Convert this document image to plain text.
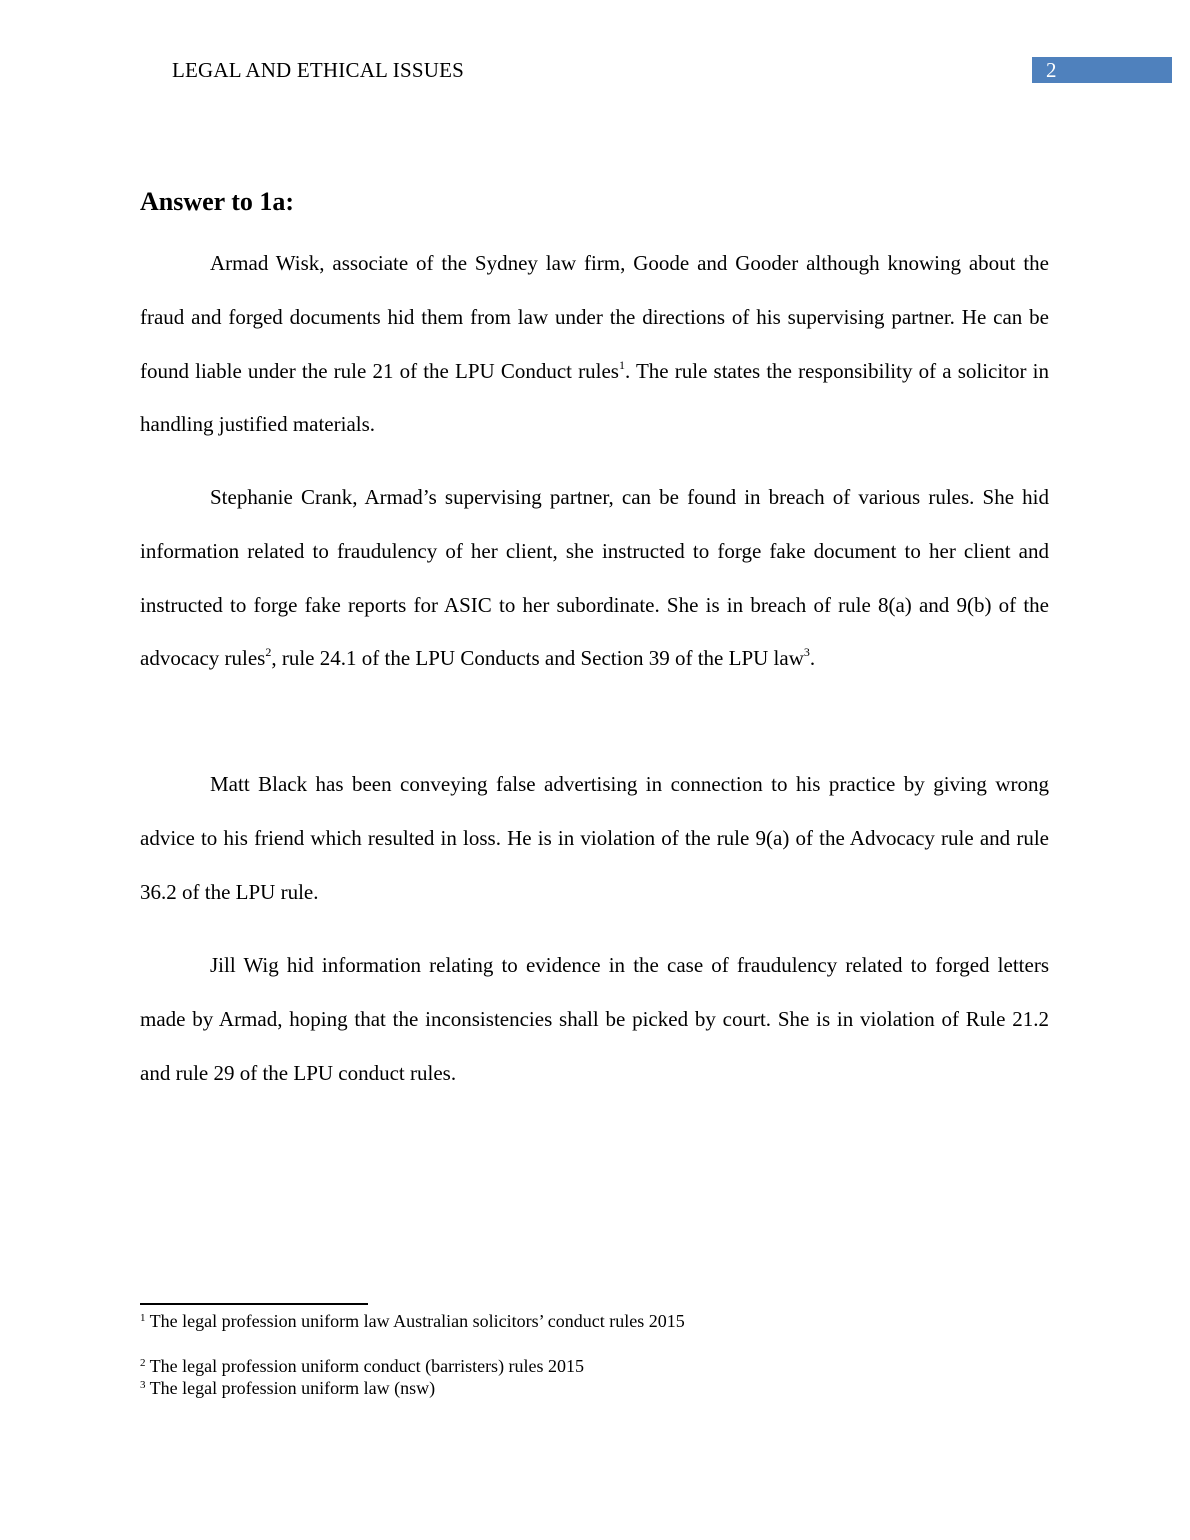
LEGAL AND ETHICAL ISSUES	2
Answer to 1a:

Armad Wisk, associate of the Sydney law firm, Goode and Gooder although knowing about the fraud and forged documents hid them from law under the directions of his supervising partner. He can be found liable under the rule 21 of the LPU Conduct rules$^1$. The rule states the responsibility of a solicitor in handling justified materials.

Stephanie Crank, Armad’s supervising partner, can be found in breach of various rules. She hid information related to fraudulency of her client, she instructed to forge fake document to her client and instructed to forge fake reports for ASIC to her subordinate. She is in breach of rule 8(a) and 9(b) of the advocacy rules$^2$, rule 24.1 of the LPU Conducts and Section 39 of the LPU law$^3$.

Matt Black has been conveying false advertising in connection to his practice by giving wrong advice to his friend which resulted in loss. He is in violation of the rule 9(a) of the Advocacy rule and rule 36.2 of the LPU rule.

Jill Wig hid information relating to evidence in the case of fraudulency related to forged letters made by Armad, hoping that the inconsistencies shall be picked by court. She is in violation of Rule 21.2 and rule 29 of the LPU conduct rules.

$^1$ The legal profession uniform law Australian solicitors’ conduct rules 2015
$^2$ The legal profession uniform conduct (barristers) rules 2015
$^3$ The legal profession uniform law (nsw)
